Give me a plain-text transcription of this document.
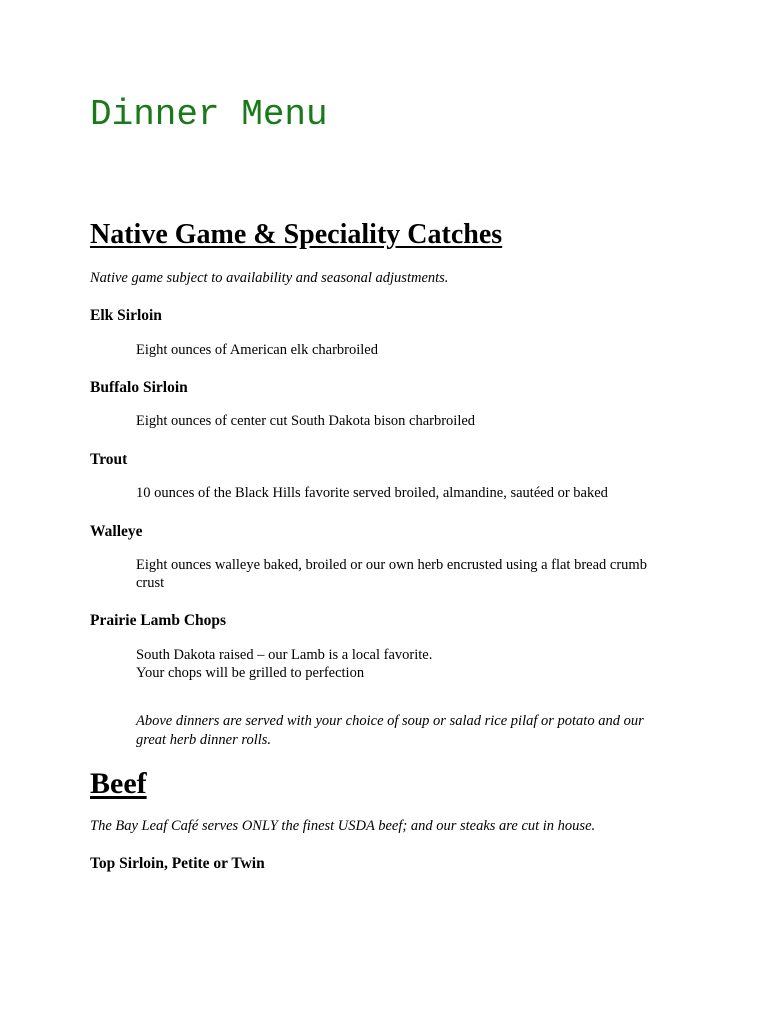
Dinner Menu
Native Game & Speciality Catches

Native game subject to availability and seasonal adjustments.

Elk Sirloin

Eight ounces of American elk charbroiled

Buffalo Sirloin

Eight ounces of center cut South Dakota bison charbroiled

Trout

10 ounces of the Black Hills favorite served broiled, almandine, sautéed or baked

Walleye

Eight ounces walleye baked, broiled or our own herb encrusted using a flat bread crumb
crust

Prairie Lamb Chops

South Dakota raised – our Lamb is a local favorite.
Your chops will be grilled to perfection

Above dinners are served with your choice of soup or salad rice pilaf or potato and our
great herb dinner rolls.

Beef

The Bay Leaf Café serves ONLY the finest USDA beef; and our steaks are cut in house.

Top Sirloin, Petite or Twin
